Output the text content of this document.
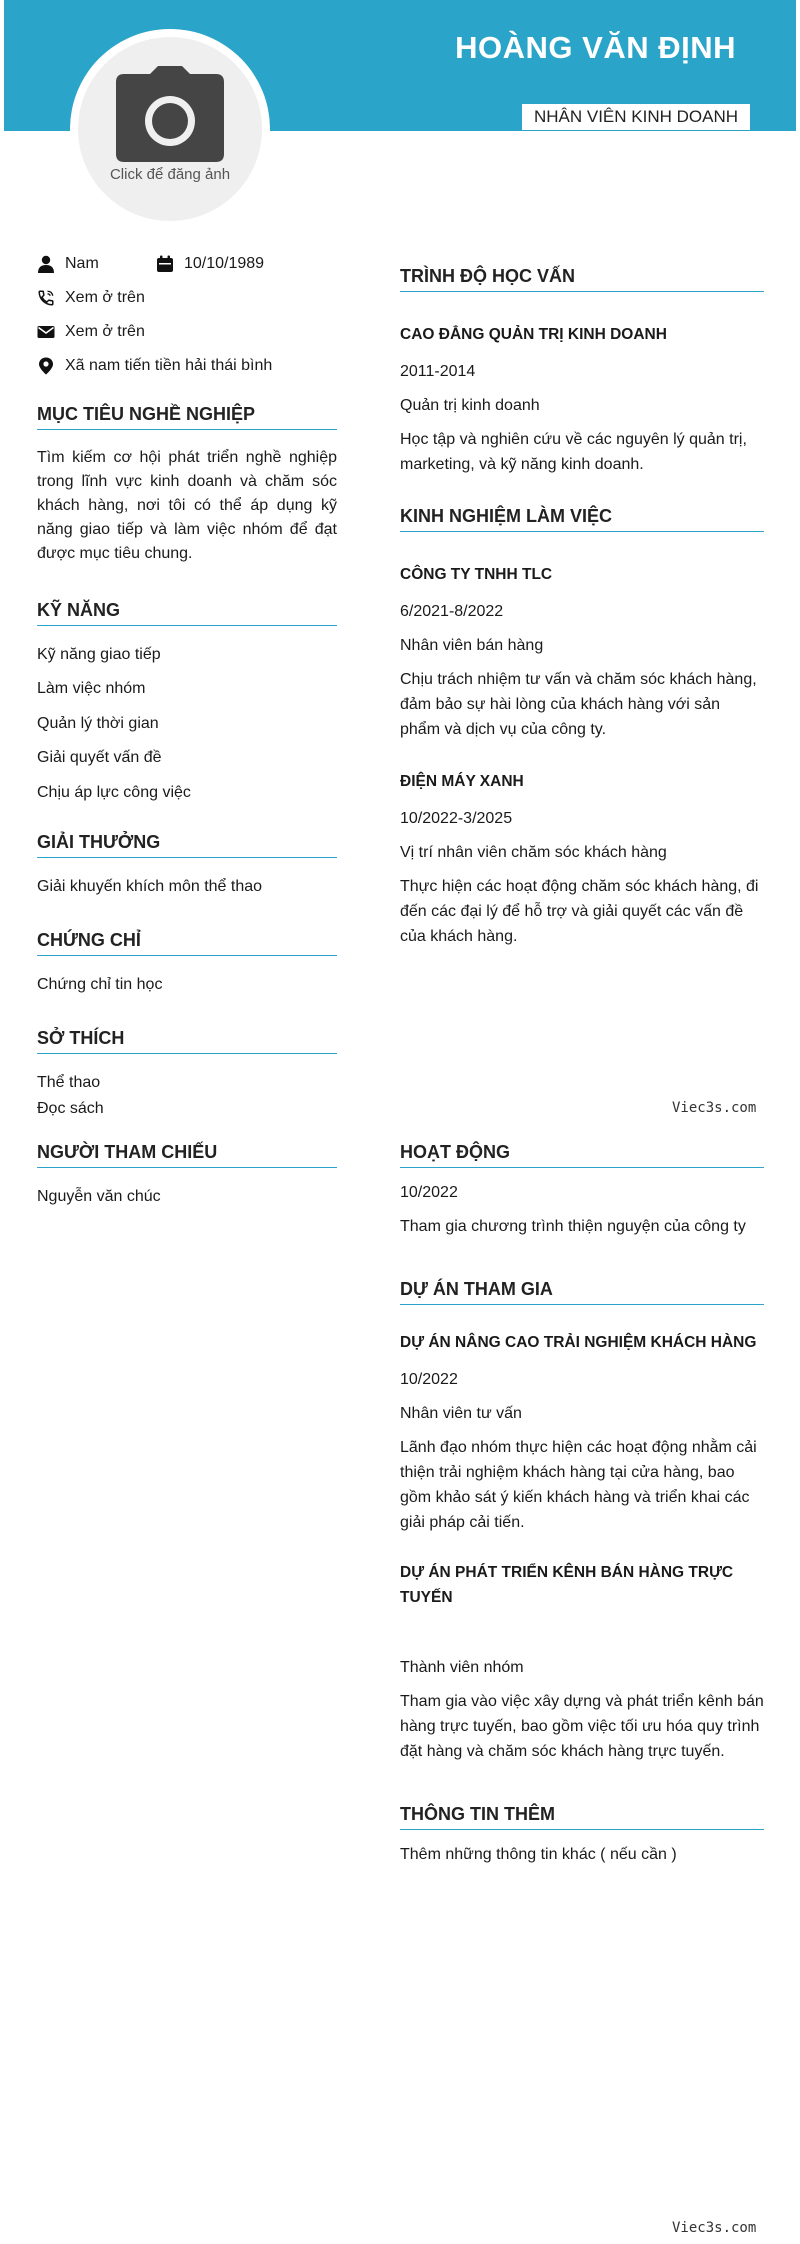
HOÀNG VĂN ĐỊNH
NHÂN VIÊN KINH DOANH
Click để đăng ảnh
Nam	10/10/1989
Xem ở trên
Xem ở trên
Xã nam tiến tiền hải thái bình
MỤC TIÊU NGHỀ NGHIỆP
Tìm kiếm cơ hội phát triển nghề nghiệp trong lĩnh vực kinh doanh và chăm sóc khách hàng, nơi tôi có thể áp dụng kỹ năng giao tiếp và làm việc nhóm để đạt được mục tiêu chung.
KỸ NĂNG
Kỹ năng giao tiếp
Làm việc nhóm
Quản lý thời gian
Giải quyết vấn đề
Chịu áp lực công việc
GIẢI THƯỞNG
Giải khuyến khích môn thể thao
CHỨNG CHỈ
Chứng chỉ tin học
SỞ THÍCH
Thể thao
Đọc sách	Viec3s.com
NGƯỜI THAM CHIẾU
Nguyễn văn chúc
TRÌNH ĐỘ HỌC VẤN
CAO ĐẲNG QUẢN TRỊ KINH DOANH
2011-2014
Quản trị kinh doanh
Học tập và nghiên cứu về các nguyên lý quản trị, marketing, và kỹ năng kinh doanh.
KINH NGHIỆM LÀM VIỆC
CÔNG TY TNHH TLC
6/2021-8/2022
Nhân viên bán hàng
Chịu trách nhiệm tư vấn và chăm sóc khách hàng, đảm bảo sự hài lòng của khách hàng với sản phẩm và dịch vụ của công ty.
ĐIỆN MÁY XANH
10/2022-3/2025
Vị trí nhân viên chăm sóc khách hàng
Thực hiện các hoạt động chăm sóc khách hàng, đi đến các đại lý để hỗ trợ và giải quyết các vấn đề của khách hàng.
HOẠT ĐỘNG
10/2022
Tham gia chương trình thiện nguyện của công ty
DỰ ÁN THAM GIA
DỰ ÁN NÂNG CAO TRẢI NGHIỆM KHÁCH HÀNG
10/2022
Nhân viên tư vấn
Lãnh đạo nhóm thực hiện các hoạt động nhằm cải thiện trải nghiệm khách hàng tại cửa hàng, bao gồm khảo sát ý kiến khách hàng và triển khai các giải pháp cải tiến.
DỰ ÁN PHÁT TRIỂN KÊNH BÁN HÀNG TRỰC TUYẾN
Thành viên nhóm
Tham gia vào việc xây dựng và phát triển kênh bán hàng trực tuyến, bao gồm việc tối ưu hóa quy trình đặt hàng và chăm sóc khách hàng trực tuyến.
THÔNG TIN THÊM
Thêm những thông tin khác ( nếu cần )
Viec3s.com
